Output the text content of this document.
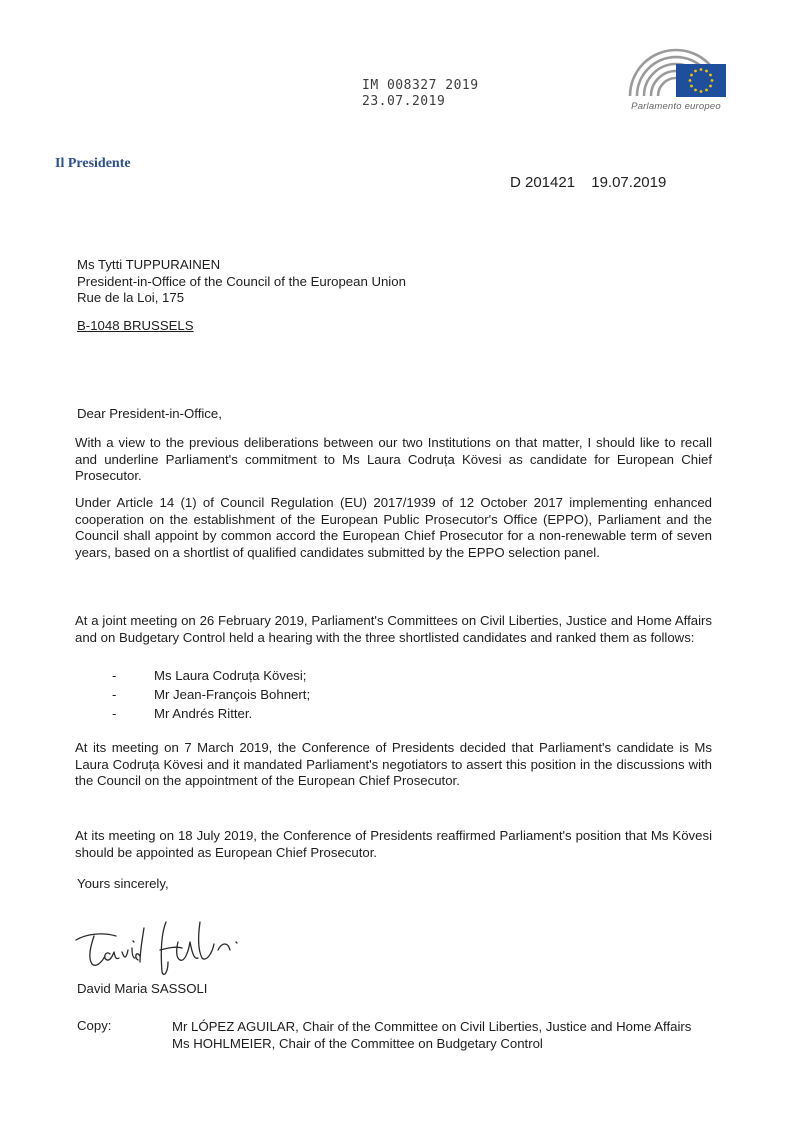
IM 008327 2019
23.07.2019	Parlamento europeo
Il Presidente
D 201421 19.07.2019
Ms Tytti TUPPURAINEN
President-in-Office of the Council of the European Union
Rue de la Loi, 175
B-1048 BRUSSELS
Dear President-in-Office,
With a view to the previous deliberations between our two Institutions on that matter, I should like to recall and underline Parliament's commitment to Ms Laura Codruța Kövesi as candidate for European Chief Prosecutor.
Under Article 14 (1) of Council Regulation (EU) 2017/1939 of 12 October 2017 implementing enhanced cooperation on the establishment of the European Public Prosecutor's Office (EPPO), Parliament and the Council shall appoint by common accord the European Chief Prosecutor for a non-renewable term of seven years, based on a shortlist of qualified candidates submitted by the EPPO selection panel.
At a joint meeting on 26 February 2019, Parliament's Committees on Civil Liberties, Justice and Home Affairs and on Budgetary Control held a hearing with the three shortlisted candidates and ranked them as follows:
-	Ms Laura Codruța Kövesi;
-	Mr Jean-François Bohnert;
-	Mr Andrés Ritter.
At its meeting on 7 March 2019, the Conference of Presidents decided that Parliament's candidate is Ms Laura Codruța Kövesi and it mandated Parliament's negotiators to assert this position in the discussions with the Council on the appointment of the European Chief Prosecutor.
At its meeting on 18 July 2019, the Conference of Presidents reaffirmed Parliament's position that Ms Kövesi should be appointed as European Chief Prosecutor.
Yours sincerely,
David Maria SASSOLI
Copy:	Mr LÓPEZ AGUILAR, Chair of the Committee on Civil Liberties, Justice and Home Affairs
Ms HOHLMEIER, Chair of the Committee on Budgetary Control
